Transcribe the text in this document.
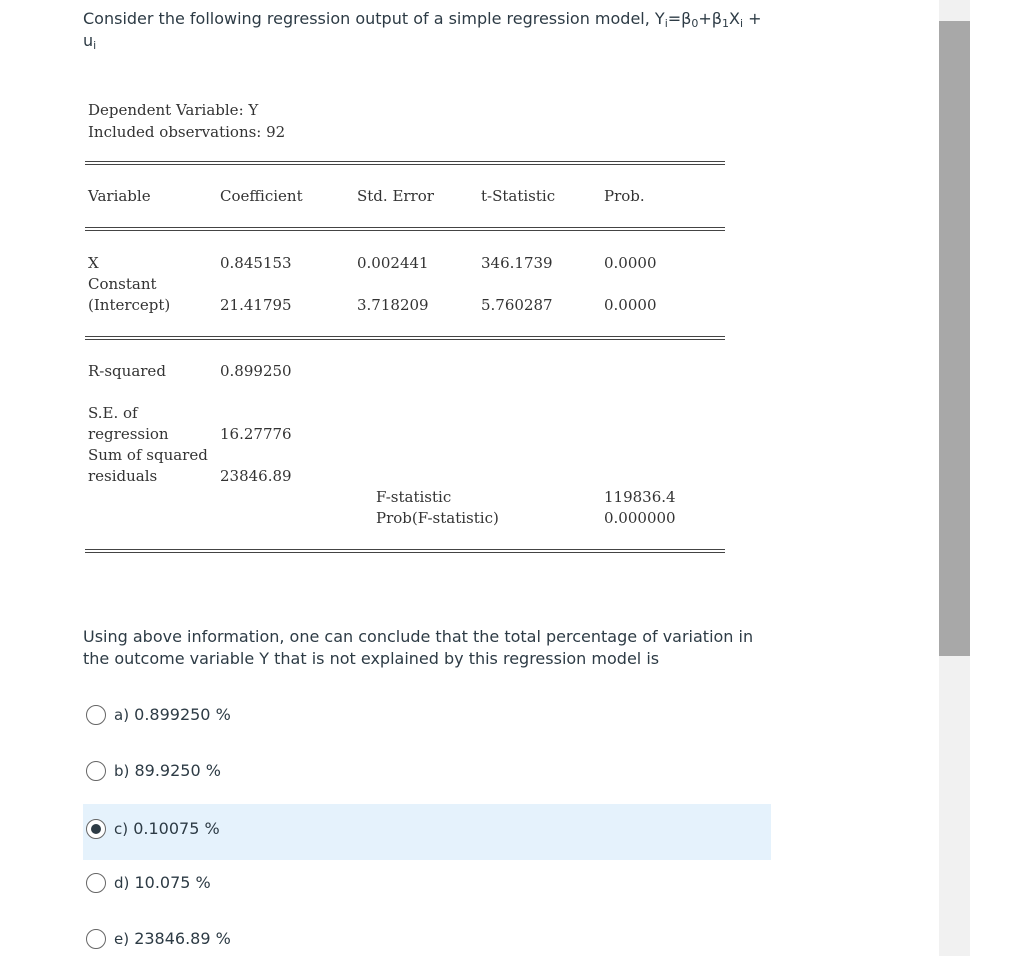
Consider the following regression output of a simple regression model, $Y_i=\beta_0+\beta_1X_i$ +
$u_i$
Dependent Variable: Y
Included observations: 92
Variable	Coefficient	Std. Error	t-Statistic	Prob.
X	0.845153	0.002441	346.1739	0.0000
Constant
(Intercept)	21.41795	3.718209	5.760287	0.0000
R-squared	0.899250
S.E. of
regression	16.27776
Sum of squared
residuals	23846.89
F-statistic	119836.4
Prob(F-statistic)	0.000000
Using above information, one can conclude that the total percentage of variation in the outcome variable Y that is not explained by this regression model is
a) 0.899250 %
b) 89.9250 %
c) 0.10075 %
d) 10.075 %
e) 23846.89 %
